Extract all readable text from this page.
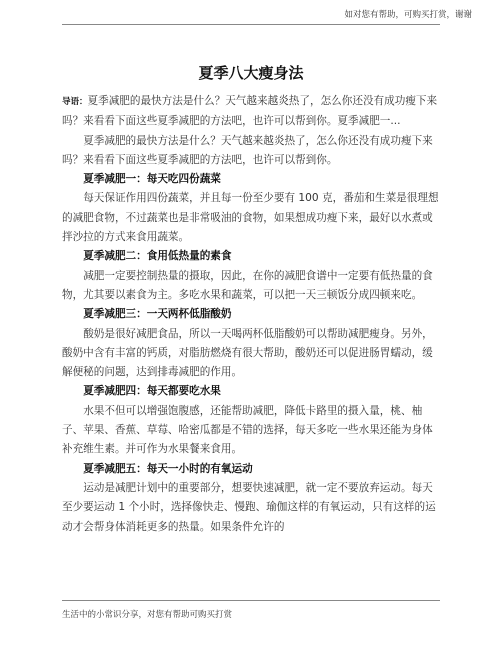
如对您有帮助，可购买打赏，谢谢
夏季八大瘦身法

导语：夏季减肥的最快方法是什么？天气越来越炎热了，怎么你还没有成功瘦下来吗？来看看下面这些夏季减肥的方法吧，也许可以帮到你。夏季减肥一...

夏季减肥的最快方法是什么？天气越来越炎热了，怎么你还没有成功瘦下来吗？来看看下面这些夏季减肥的方法吧，也许可以帮到你。

夏季减肥一：每天吃四份蔬菜

每天保证作用四份蔬菜，并且每一份至少要有 100 克，番茄和生菜是很理想的减肥食物，不过蔬菜也是非常吸油的食物，如果想成功瘦下来，最好以水煮或拌沙拉的方式来食用蔬菜。

夏季减肥二：食用低热量的素食

减肥一定要控制热量的摄取，因此，在你的减肥食谱中一定要有低热量的食物，尤其要以素食为主。多吃水果和蔬菜，可以把一天三顿饭分成四顿来吃。

夏季减肥三：一天两杯低脂酸奶

酸奶是很好减肥食品，所以一天喝两杯低脂酸奶可以帮助减肥瘦身。另外，酸奶中含有丰富的钙质，对脂肪燃烧有很大帮助，酸奶还可以促进肠胃蠕动，缓解便秘的问题，达到排毒减肥的作用。

夏季减肥四：每天都要吃水果

水果不但可以增强饱腹感，还能帮助减肥，降低卡路里的摄入量，桃、柚子、苹果、香蕉、草莓、哈密瓜都是不错的选择，每天多吃一些水果还能为身体补充维生素。并可作为水果餐来食用。

夏季减肥五：每天一小时的有氧运动

运动是减肥计划中的重要部分，想要快速减肥，就一定不要放弃运动。每天至少要运动 1 个小时，选择像快走、慢跑、瑜伽这样的有氧运动，只有这样的运动才会帮身体消耗更多的热量。如果条件允许的

生活中的小常识分享，对您有帮助可购买打赏
